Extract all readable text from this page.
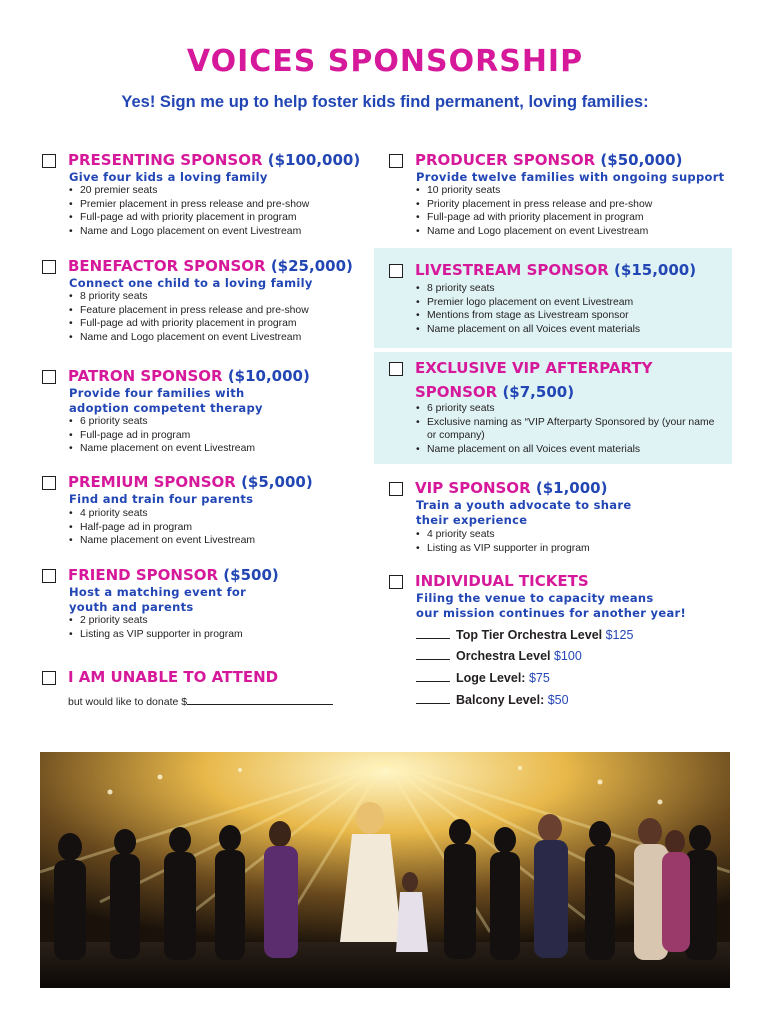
VOICES SPONSORSHIP
Yes! Sign me up to help foster kids find permanent, loving families:
PRESENTING SPONSOR ($100,000)
Give four kids a loving family
• 20 premier seats
• Premier placement in press release and pre-show
• Full-page ad with priority placement in program
• Name and Logo placement on event Livestream
PRODUCER SPONSOR ($50,000)
Provide twelve families with ongoing support
• 10 priority seats
• Priority placement in press release and pre-show
• Full-page ad with priority placement in program
• Name and Logo placement on event Livestream
BENEFACTOR SPONSOR ($25,000)
Connect one child to a loving family
• 8 priority seats
• Feature placement in press release and pre-show
• Full-page ad with priority placement in program
• Name and Logo placement on event Livestream
LIVESTREAM SPONSOR ($15,000)
• 8 priority seats
• Premier logo placement on event Livestream
• Mentions from stage as Livestream sponsor
• Name placement on all Voices event materials
PATRON SPONSOR ($10,000)
Provide four families with
adoption competent therapy
• 6 priority seats
• Full-page ad in program
• Name placement on event Livestream
EXCLUSIVE VIP AFTERPARTY
SPONSOR ($7,500)
• 6 priority seats
• Exclusive naming as “VIP Afterparty Sponsored by (your name or company)
• Name placement on all Voices event materials
PREMIUM SPONSOR ($5,000)
Find and train four parents
• 4 priority seats
• Half-page ad in program
• Name placement on event Livestream
VIP SPONSOR ($1,000)
Train a youth advocate to share
their experience
• 4 priority seats
• Listing as VIP supporter in program
FRIEND SPONSOR ($500)
Host a matching event for
youth and parents
• 2 priority seats
• Listing as VIP supporter in program
INDIVIDUAL TICKETS
Filing the venue to capacity means
our mission continues for another year!
Top Tier Orchestra Level $125
Orchestra Level $100
Loge Level: $75
Balcony Level: $50
I AM UNABLE TO ATTEND
but would like to donate $
